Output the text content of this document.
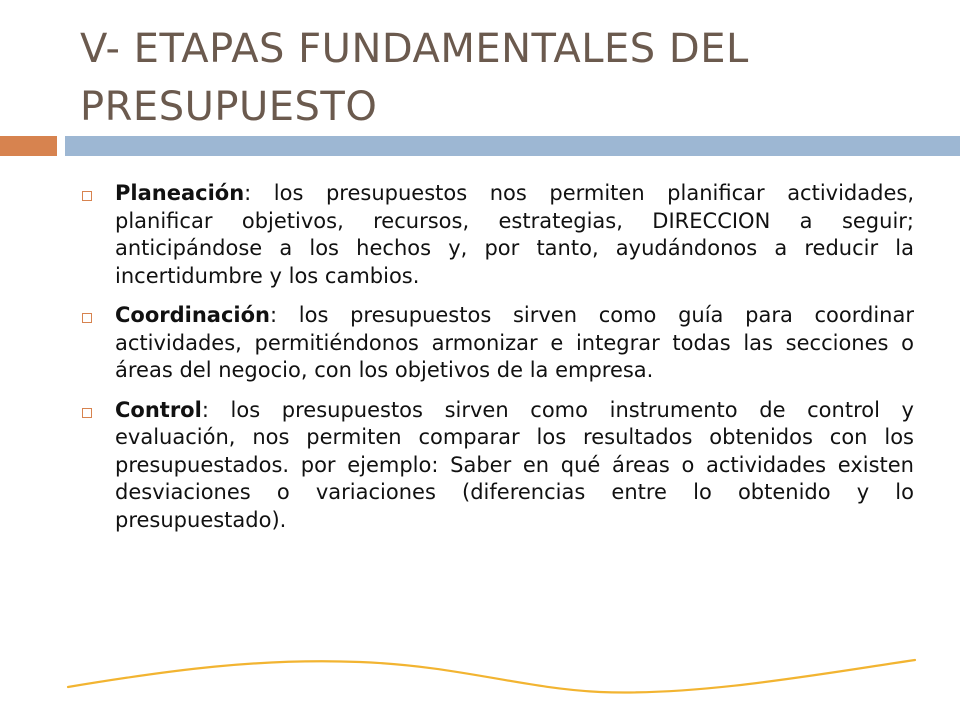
V- ETAPAS FUNDAMENTALES DEL PRESUPUESTO
Planeación: los presupuestos nos permiten planificar actividades, planificar objetivos, recursos, estrategias, DIRECCION a seguir; anticipándose a los hechos y, por tanto, ayudándonos a reducir la incertidumbre y los cambios.
Coordinación: los presupuestos sirven como guía para coordinar actividades, permitiéndonos armonizar e integrar todas las secciones o áreas del negocio, con los objetivos de la empresa.
Control: los presupuestos sirven como instrumento de control y evaluación, nos permiten comparar los resultados obtenidos con los presupuestados. por ejemplo: Saber en qué áreas o actividades existen desviaciones o variaciones (diferencias entre lo obtenido y lo presupuestado).
